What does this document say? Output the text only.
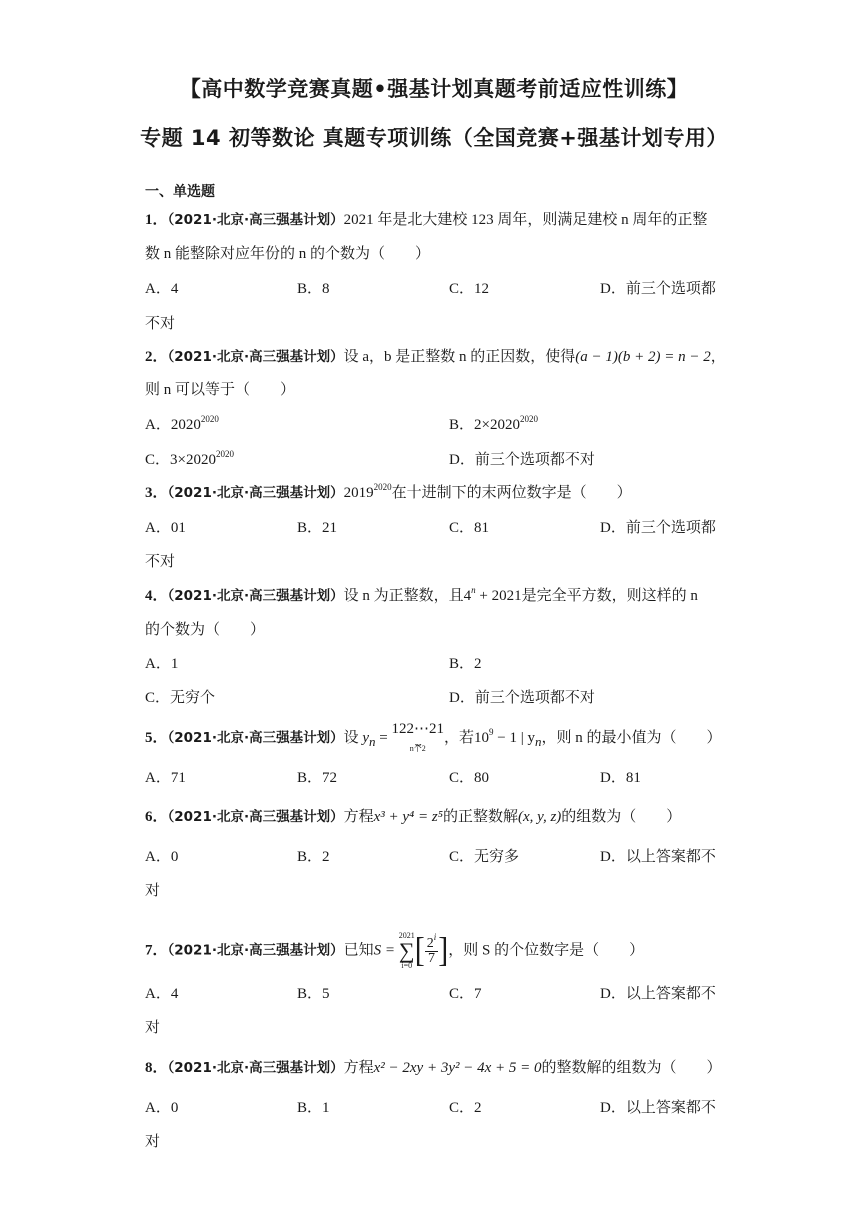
【高中数学竞赛真题•强基计划真题考前适应性训练】
专题 14 初等数论 真题专项训练（全国竞赛+强基计划专用）
一、单选题
1．（2021·北京·高三强基计划）2021 年是北大建校 123 周年，则满足建校 n 周年的正整
数 n 能整除对应年份的 n 的个数为（　　）
A．4	B．8	C．12	D．前三个选项都
不对
2．（2021·北京·高三强基计划）设 a，b 是正整数 n 的正因数，使得(a − 1)(b + 2) = n − 2，
则 n 可以等于（　　）
A．$2020^{2020}$	B．$2\times 2020^{2020}$
C．$3\times 2020^{2020}$	D．前三个选项都不对
3．（2021·北京·高三强基计划）$2019^{2020}$在十进制下的末两位数字是（　　）
A．01	B．21	C．81	D．前三个选项都
不对
4．（2021·北京·高三强基计划）设 n 为正整数，且$4^n + 2021$是完全平方数，则这样的 n
的个数为（　　）
A．1	B．2
C．无穷个	D．前三个选项都不对
5．（2021·北京·高三强基计划）设 $y_n$ =
122⋯21
⏟
n个2
，若$10^9 - 1$ | $y_n$，则 n 的最小值为（　　）
A．71	B．72	C．80	D．81
6．（2021·北京·高三强基计划）方程x³ + y⁴ = z⁵的正整数解(x, y, z)的组数为（　　）
A．0	B．2	C．无穷多	D．以上答案都不
对
7．（2021·北京·高三强基计划）已知S =
2021
∑
i=0 [ $\frac{2^i}{7}$ ]，则 S 的个位数字是（　　）
A．4	B．5	C．7	D．以上答案都不
对
8．（2021·北京·高三强基计划）方程x² − 2xy + 3y² − 4x + 5 = 0的整数解的组数为（　　）
A．0	B．1	C．2	D．以上答案都不
对
